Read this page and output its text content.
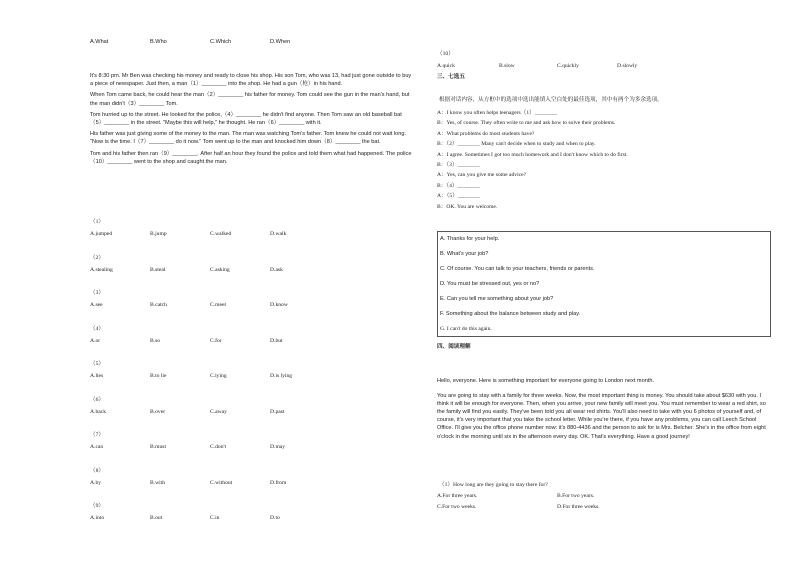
A.What	B.Who	C.Which	D.When

It's 8:30 pm. Mr Ben was checking his money and ready to close his shop. His son Tom, who was 13, had just gone outside to buy a piece of newspaper. Just then, a man（1）________ into the shop. He had a gun（枪）in his hand.

When Tom came back, he could hear the man（2）________ his father for money. Tom could see the gun in the man's hand, but the man didn't（3）________ Tom.

Tom hurried up to the street. He looked for the police,（4）________ he didn't find anyone. Then Tom saw an old baseball bat（5）________ in the street. "Maybe this will help," he thought. He ran（6）________ with it.

His father was just giving some of the money to the man. The man was watching Tom's father. Tom knew he could not wait long. "Now is the time. I（7）________ do it now." Tom went up to the man and knocked him down（8）________ the bat.

Tom and his father then ran（9）________. After half an hour they found the police and told them what had happened. The police（10）________ went to the shop and caught the man.

（1）
A.jumped	B.jump	C.walked	D.walk
（2）
A.stealing	B.steal	C.asking	D.ask
（3）
A.see	B.catch	C.meet	D.know
（4）
A.or	B.so	C.for	D.but
（5）
A.lies	B.to lie	C.lying	D.is lying
（6）
A.back	B.over	C.away	D.past
（7）
A.can	B.must	C.don't	D.may
（8）
A.by	B.with	C.without	D.from
（9）
A.into	B.out	C.in	D.to
（10）
A.quick	B.slow	C.quickly	D.slowly
三、七选五
根据对话内容，从方框中的选项中选出能填入空白处的最佳选项，其中有两个为多余选项。
A：I know you often helps teenagers（1）________
B：Yes, of course. They often write to me and ask how to solve their problems.
A：What problems do most students have?
B：（2）________ Many can't decide when to study and when to play.
A：I agree. Sometimes I got too much homework and I don't know which to do first.
B：（3）________
A：Yes, can you give me some advice?
B：（4）________
A：（5）________
B：OK. You are welcome.
A. Thanks for your help.
B. What's your job?
C. Of course. You can talk to your teachers, friends or parents.
D. You must be stressed out, yes or no?
E. Can you tell me something about your job?
F. Something about the balance between study and play.
G. I can't do this again.
四、阅读理解
Hello, everyone. Here is something important for everyone going to London next month.
You are going to stay with a family for three weeks. Now, the most important thing is money. You should take about $630 with you. I think it will be enough for everyone. Then, when you arrive, your new family will meet you. You must remember to wear a red shirt, so the family will find you easily. They've been told you all wear red shirts. You'll also need to take with you 6 photos of yourself and, of course, it's very important that you take the school letter. While you're there, if you have any problems, you can call Leech School Office. I'll give you the office phone number now: it's 880-4436 and the person to ask for is Mrs. Belcher. She's in the office from eight o'clock in the morning until six in the afternoon every day. OK. That's everything. Have a good journey!
（1）How long are they going to stay there for?
A.For three years.	B.For two years.
C.For two weeks.	D.For three weeks.
